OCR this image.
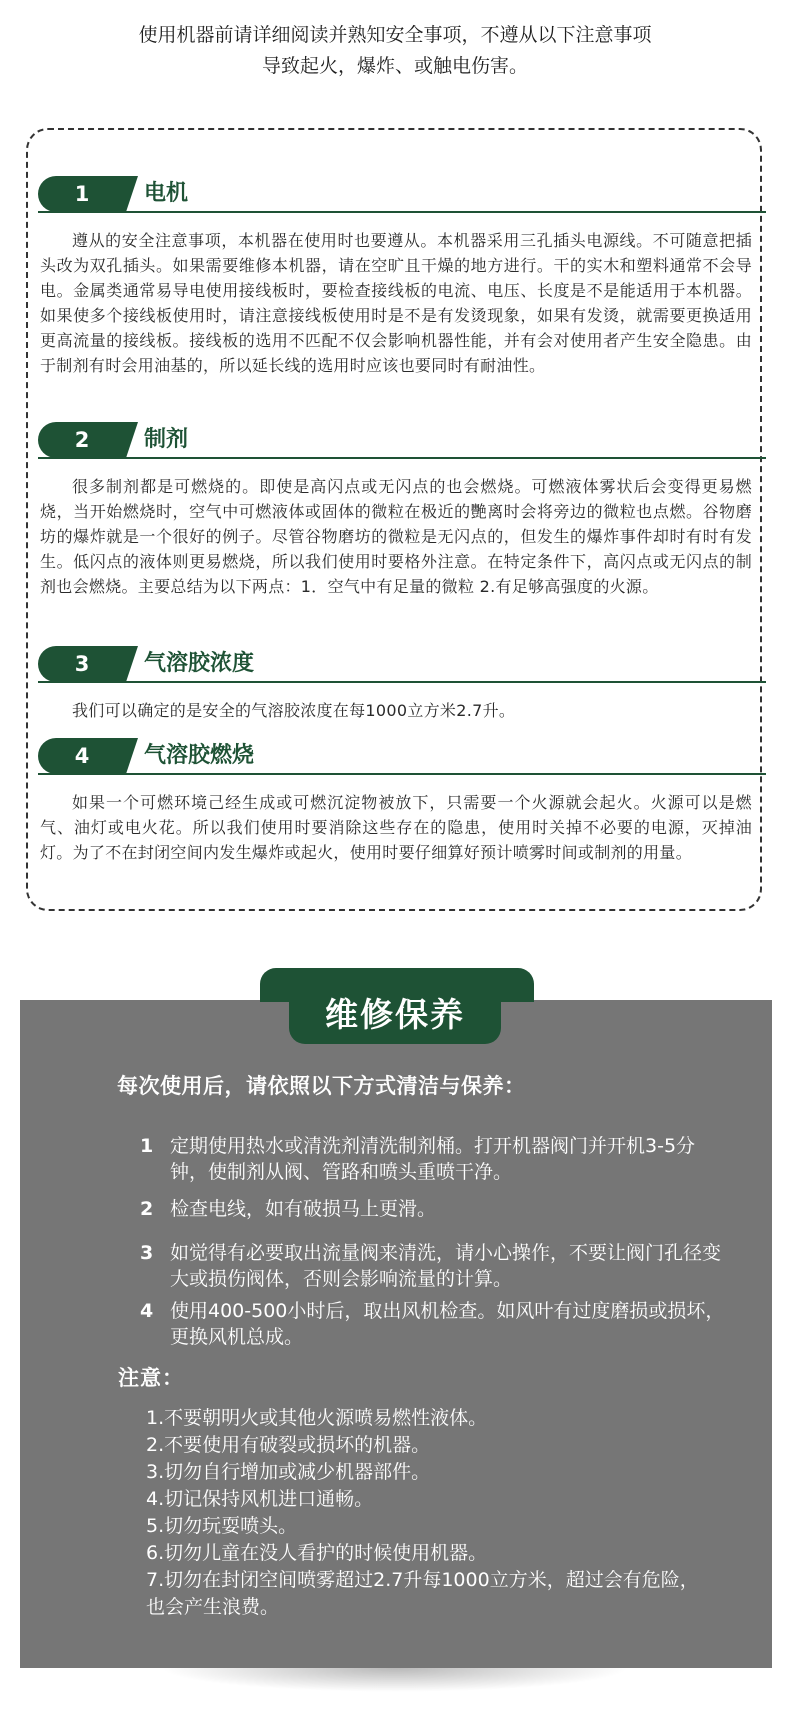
使用机器前请详细阅读并熟知安全事项，不遵从以下注意事项
导致起火，爆炸、或触电伤害。
1	电机
遵从的安全注意事项，本机器在使用时也要遵从。本机器采用三孔插头电源线。不可随意把插头改为双孔插头。如果需要维修本机器，请在空旷且干燥的地方进行。干的实木和塑料通常不会导电。金属类通常易导电使用接线板时，要检查接线板的电流、电压、长度是不是能适用于本机器。如果使多个接线板使用时，请注意接线板使用时是不是有发烫现象，如果有发烫，就需要更换适用更高流量的接线板。接线板的选用不匹配不仅会影响机器性能，并有会对使用者产生安全隐患。由于制剂有时会用油基的，所以延长线的选用时应该也要同时有耐油性。
2	制剂
很多制剂都是可燃烧的。即使是高闪点或无闪点的也会燃烧。可燃液体雾状后会变得更易燃烧，当开始燃烧时，空气中可燃液体或固体的微粒在极近的艷离时会将旁边的微粒也点燃。谷物磨坊的爆炸就是一个很好的例子。尽管谷物磨坊的微粒是无闪点的，但发生的爆炸事件却时有时有发生。低闪点的液体则更易燃烧，所以我们使用时要格外注意。在特定条件下，高闪点或无闪点的制剂也会燃烧。主要总结为以下两点：1．空气中有足量的微粒 2.有足够高强度的火源。
3	气溶胶浓度
我们可以确定的是安全的气溶胶浓度在每1000立方米2.7升。
4	气溶胶燃烧
如果一个可燃环境己经生成或可燃沉淀物被放下，只需要一个火源就会起火。火源可以是燃气、油灯或电火花。所以我们使用时要消除这些存在的隐患，使用时关掉不必要的电源，灭掉油灯。为了不在封闭空间内发生爆炸或起火，使用时要仔细算好预计喷雾时间或制剂的用量。
维修保养
每次使用后，请依照以下方式清洁与保养：
1 定期使用热水或清洗剂清洗制剂桶。打开机器阀门并开机3-5分钟，使制剂从阀、管路和喷头重喷干净。
2 检查电线，如有破损马上更滑。
3 如觉得有必要取出流量阀来清洗，请小心操作，不要让阀门孔径变大或损伤阀体，否则会影响流量的计算。
4 使用400-500小时后，取出风机检查。如风叶有过度磨损或损坏，更换风机总成。
注意：
1.不要朝明火或其他火源喷易燃性液体。
2.不要使用有破裂或损坏的机器。
3.切勿自行增加或减少机器部件。
4.切记保持风机进口通畅。
5.切勿玩耍喷头。
6.切勿儿童在没人看护的时候使用机器。
7.切勿在封闭空间喷雾超过2.7升每1000立方米，超过会有危险，也会产生浪费。
